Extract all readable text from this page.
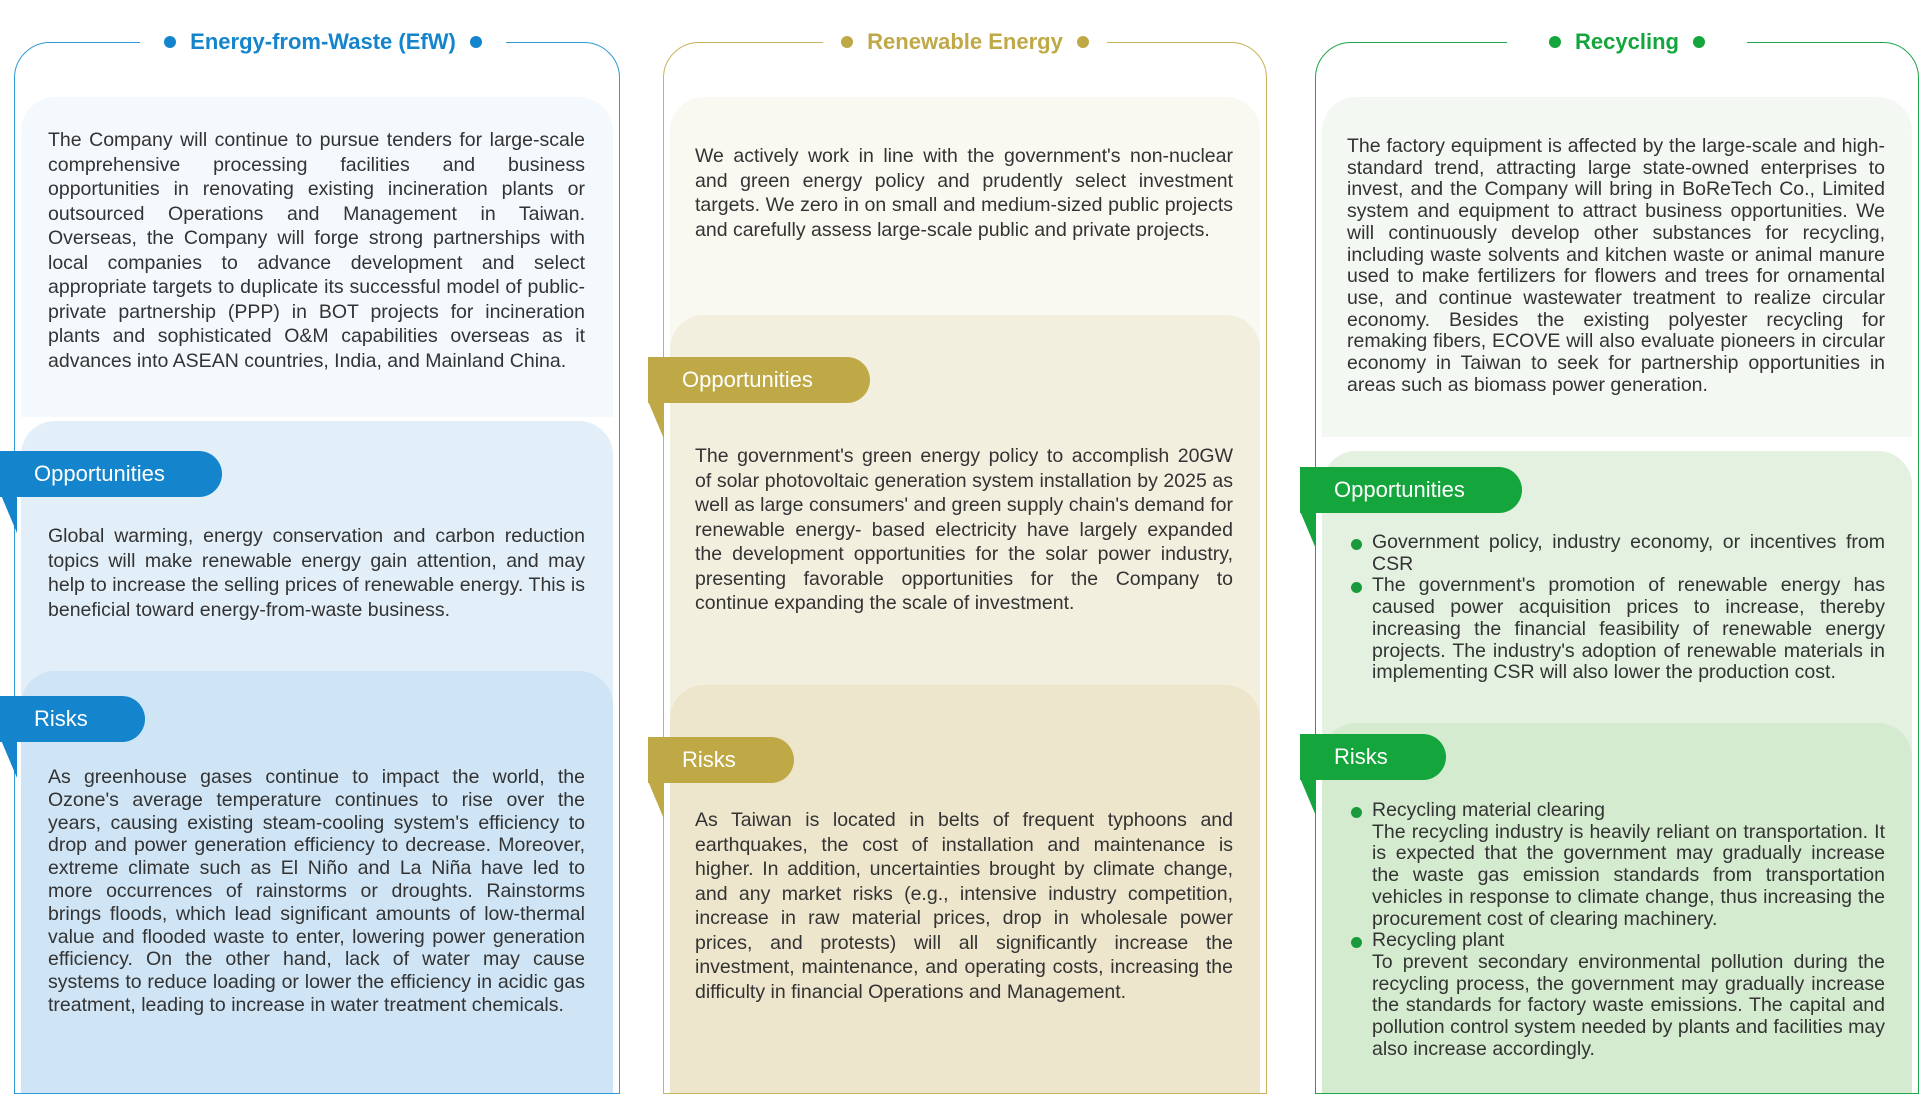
Energy-from-Waste (EfW)
The Company will continue to pursue tenders for large-scale comprehensive processing facilities and business opportunities in renovating existing incineration plants or outsourced Operations and Management in Taiwan. Overseas, the Company will forge strong partnerships with local companies to advance development and select appropriate targets to duplicate its successful model of public-private partnership (PPP) in BOT projects for incineration plants and sophisticated O&M capabilities overseas as it advances into ASEAN countries, India, and Mainland China.
Opportunities
Global warming, energy conservation and carbon reduction topics will make renewable energy gain attention, and may help to increase the selling prices of renewable energy. This is beneficial toward energy-from-waste business.
Risks
As greenhouse gases continue to impact the world, the Ozone's average temperature continues to rise over the years, causing existing steam-cooling system's efficiency to drop and power generation efficiency to decrease. Moreover, extreme climate such as El Niño and La Niña have led to more occurrences of rainstorms or droughts. Rainstorms brings floods, which lead significant amounts of low-thermal value and flooded waste to enter, lowering power generation efficiency. On the other hand, lack of water may cause systems to reduce loading or lower the efficiency in acidic gas treatment, leading to increase in water treatment chemicals.
Renewable Energy
We actively work in line with the government's non-nuclear and green energy policy and prudently select investment targets. We zero in on small and medium-sized public projects and carefully assess large-scale public and private projects.
Opportunities
The government's green energy policy to accomplish 20GW of solar photovoltaic generation system installation by 2025 as well as large consumers' and green supply chain's demand for renewable energy- based electricity have largely expanded the development opportunities for the solar power industry, presenting favorable opportunities for the Company to continue expanding the scale of investment.
Risks
As Taiwan is located in belts of frequent typhoons and earthquakes, the cost of installation and maintenance is higher. In addition, uncertainties brought by climate change, and any market risks (e.g., intensive industry competition, increase in raw material prices, drop in wholesale power prices, and protests) will all significantly increase the investment, maintenance, and operating costs, increasing the difficulty in financial Operations and Management.
Recycling
The factory equipment is affected by the large-scale and high-standard trend, attracting large state-owned enterprises to invest, and the Company will bring in BoReTech Co., Limited system and equipment to attract business opportunities. We will continuously develop other substances for recycling, including waste solvents and kitchen waste or animal manure used to make fertilizers for flowers and trees for ornamental use, and continue wastewater treatment to realize circular economy. Besides the existing polyester recycling for remaking fibers, ECOVE will also evaluate pioneers in circular economy in Taiwan to seek for partnership opportunities in areas such as biomass power generation.
Opportunities
Government policy, industry economy, or incentives from CSR
The government's promotion of renewable energy has caused power acquisition prices to increase, thereby increasing the financial feasibility of renewable energy projects. The industry's adoption of renewable materials in implementing CSR will also lower the production cost.
Risks
Recycling material clearing
The recycling industry is heavily reliant on transportation. It is expected that the government may gradually increase the waste gas emission standards from transportation vehicles in response to climate change, thus increasing the procurement cost of clearing machinery.
Recycling plant
To prevent secondary environmental pollution during the recycling process, the government may gradually increase the standards for factory waste emissions. The capital and pollution control system needed by plants and facilities may also increase accordingly.
